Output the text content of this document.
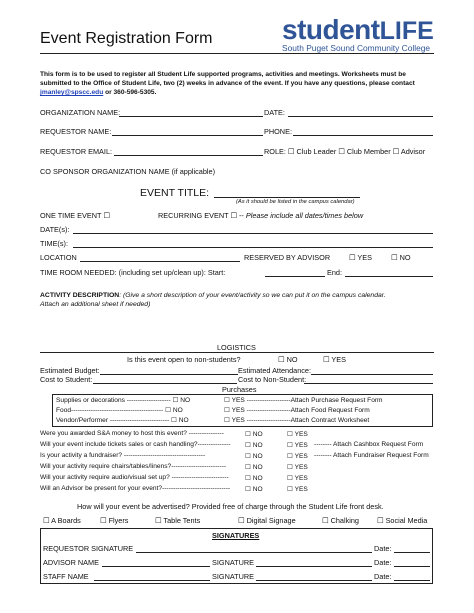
Event Registration Form studentLIFE
South Puget Sound Community College
This form is to be used to register all Student Life supported programs, activities and meetings. Worksheets must be
submitted to the Office of Student Life, two (2) weeks in advance of the event. If you have any questions, please contact
jmanley@spscc.edu or 360-596-5305.
ORGANIZATION NAME:	DATE:
REQUESTOR NAME:	PHONE:
REQUESTOR EMAIL:	ROLE: ☐ Club Leader ☐ Club Member ☐ Advisor
CO SPONSOR ORGANIZATION NAME (if applicable)
EVENT TITLE:
(As it should be listed in the campus calendar)
ONE TIME EVENT ☐	RECURRING EVENT ☐ -- Please include all dates/times below
DATE(s):
TIME(s):
LOCATION	RESERVED BY ADVISOR	☐ YES	☐ NO
TIME ROOM NEEDED: (including set up/clean up): Start:	End:
ACTIVITY DESCRIPTION: (Give a short description of your event/activity so we can put it on the campus calendar.
Attach an additional sheet if needed)
LOGISTICS
Is this event open to non-students?	☐ NO	☐ YES
Estimated Budget:	Estimated Attendance:
Cost to Student:	Cost to Non-Student:
Purchases
Supplies or decorations -------------------- ☐ NO	☐ YES --------------------Attach Purchase Request Form
Food------------------------------------------ ☐ NO	☐ YES --------------------Attach Food Request Form
Vendor/Performer --------------------------- ☐ NO	☐ YES --------------------Attach Contract Worksheet
Were you awarded S&A money to host this event? ----------------	☐ NO	☐ YES
Will your event include tickets sales or cash handling?--------------- ☐ NO	☐ YES -------- Attach Cashbox Request Form
Is your activity a fundraiser? -------------------------------------	☐ NO	☐ YES -------- Attach Fundraiser Request Form
Will your activity require chairs/tables/linens?-------------------------	☐ NO	☐ YES
Will your activity require audio/visual set up? -------------------------- ☐ NO	☐ YES
Will an Advisor be present for your event?------------------------------- ☐ NO	☐ YES
How will your event be advertised? Provided free of charge through the Student Life front desk.
☐ A Boards	☐ Flyers	☐ Table Tents	☐ Digital Signage	☐ Chalking ☐ Social Media
SIGNATURES
REQUESTOR SIGNATURE	Date:
ADVISOR NAME	SIGNATURE	Date:
STAFF NAME	SIGNATURE	Date:
